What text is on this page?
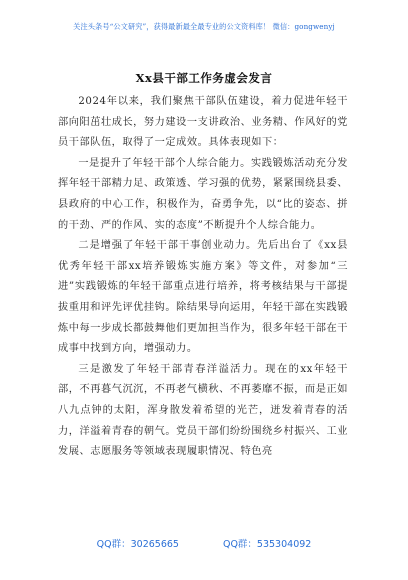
关注头条号“公文研究”，获得最新最全最专业的公文资料库！ 微信：gongwenyj
Xx县干部工作务虚会发言

2024年以来，我们聚焦干部队伍建设，着力促进年轻干部向阳茁壮成长，努力建设一支讲政治、业务精、作风好的党员干部队伍，取得了一定成效。具体表现如下：

一是提升了年轻干部个人综合能力。实践锻炼活动充分发挥年轻干部精力足、政策透、学习强的优势，紧紧围绕县委、县政府的中心工作，积极作为，奋勇争先，以“比的姿态、拼的干劲、严的作风、实的态度”不断提升个人综合能力。

二是增强了年轻干部干事创业动力。先后出台了《xx县优秀年轻干部xx培养锻炼实施方案》等文件，对参加“三进”实践锻炼的年轻干部重点进行培养，将考核结果与干部提拔重用和评先评优挂钩。除结果导向运用，年轻干部在实践锻炼中每一步成长都鼓舞他们更加担当作为，很多年轻干部在干成事中找到方向，增强动力。

三是激发了年轻干部青春洋溢活力。现在的xx年轻干部，不再暮气沉沉，不再老气横秋、不再萎靡不振，而是正如八九点钟的太阳，浑身散发着希望的光芒，迸发着青春的活力，洋溢着青春的朝气。党员干部们纷纷围绕乡村振兴、工业发展、志愿服务等领域表现履职情况、特色亮

QQ群：30265665	QQ群：535304092
